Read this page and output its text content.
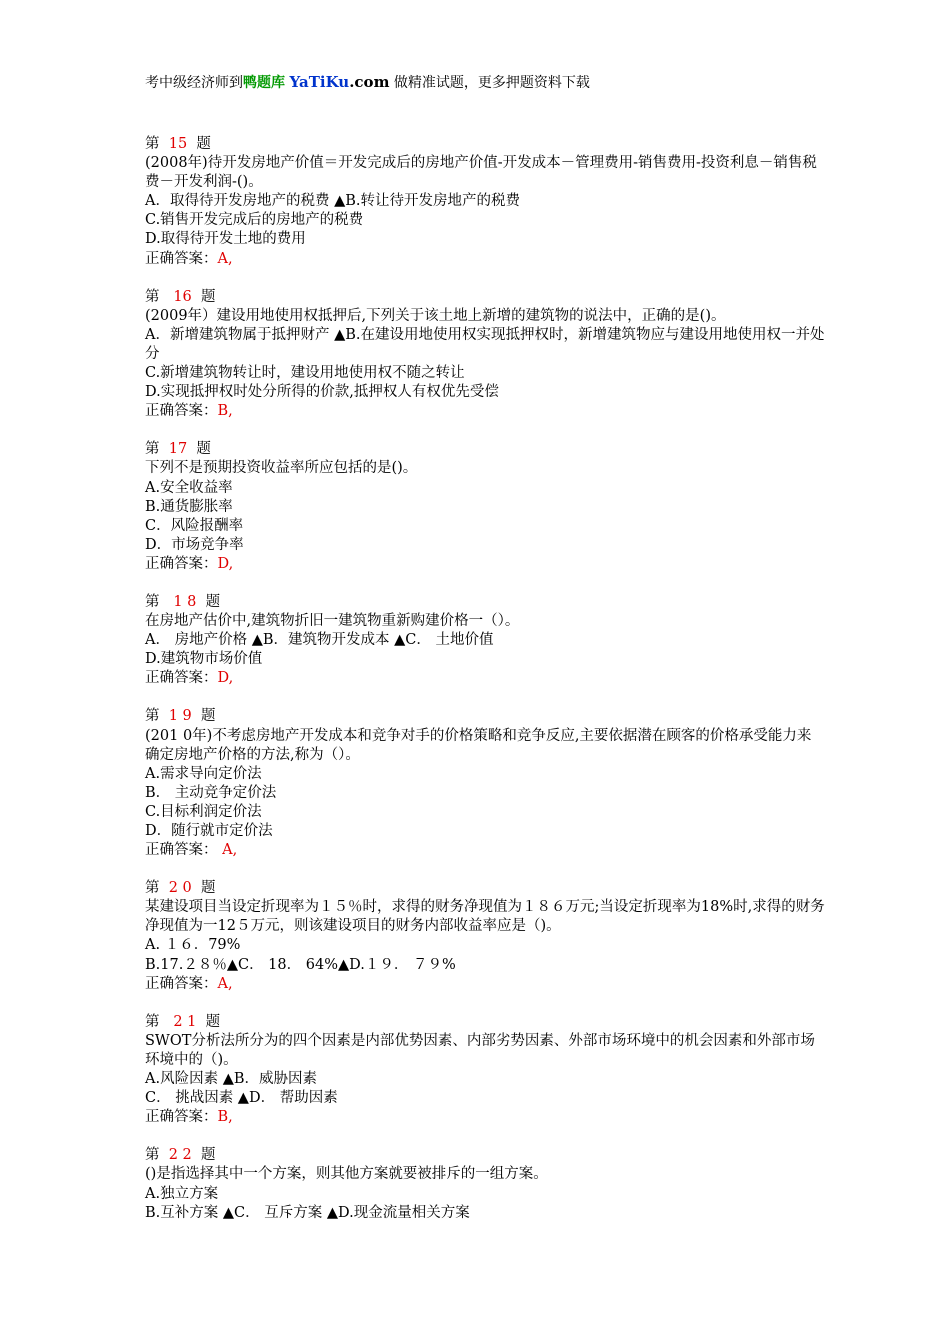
考中级经济师到鸭题库 YaTiKu.com 做精准试题，更多押题资料下载
第  15  题
(2008年)待开发房地产价值＝开发完成后的房地产价值-开发成本－管理费用-销售费用-投资利息－销售税费－开发利润-()。
A．取得待开发房地产的税费 ▲B.转让待开发房地产的税费
C.销售开发完成后的房地产的税费
D.取得待开发土地的费用
正确答案：A,
第   16  题
(2009年）建设用地使用权抵押后,下列关于该土地上新增的建筑物的说法中，正确的是()。
A．新增建筑物属于抵押财产 ▲B.在建设用地使用权实现抵押权时，新增建筑物应与建设用地使用权一并处分
C.新增建筑物转让时，建设用地使用权不随之转让
D.实现抵押权时处分所得的价款,抵押权人有权优先受偿
正确答案：B,
第  17  题
下列不是预期投资收益率所应包括的是()。
A.安全收益率
B.通货膨胀率
C．风险报酬率
D．市场竞争率
正确答案：D,
第   1 8  题
在房地产估价中,建筑物折旧一建筑物重新购建价格一（）。
A． 房地产价格 ▲B．建筑物开发成本 ▲C． 土地价值
D.建筑物市场价值
正确答案：D,
第  1 9  题
(201 0年)不考虑房地产开发成本和竞争对手的价格策略和竞争反应,主要依据潜在顾客的价格承受能力来确定房地产价格的方法,称为（）。
A.需求导向定价法
B． 主动竞争定价法
C.目标利润定价法
D．随行就市定价法
正确答案： A,
第  2 0  题
某建设项目当设定折现率为１５％时，求得的财务净现值为１８６万元;当设定折现率为18%时,求得的财务净现值为一12５万元，则该建设项目的财务内部收益率应是（)。
A. １６．79%
B.17.２８％▲C． 18． 64%▲D.１９． ７９%
正确答案：A,
第   2 1  题
SWOT分析法所分为的四个因素是内部优势因素、内部劣势因素、外部市场环境中的机会因素和外部市场环境中的（)。
A.风险因素 ▲B．威胁因素
C． 挑战因素 ▲D． 帮助因素
正确答案：B,
第  2 2  题
()是指选择其中一个方案，则其他方案就要被排斥的一组方案。
A.独立方案
B.互补方案 ▲C． 互斥方案 ▲D.现金流量相关方案
